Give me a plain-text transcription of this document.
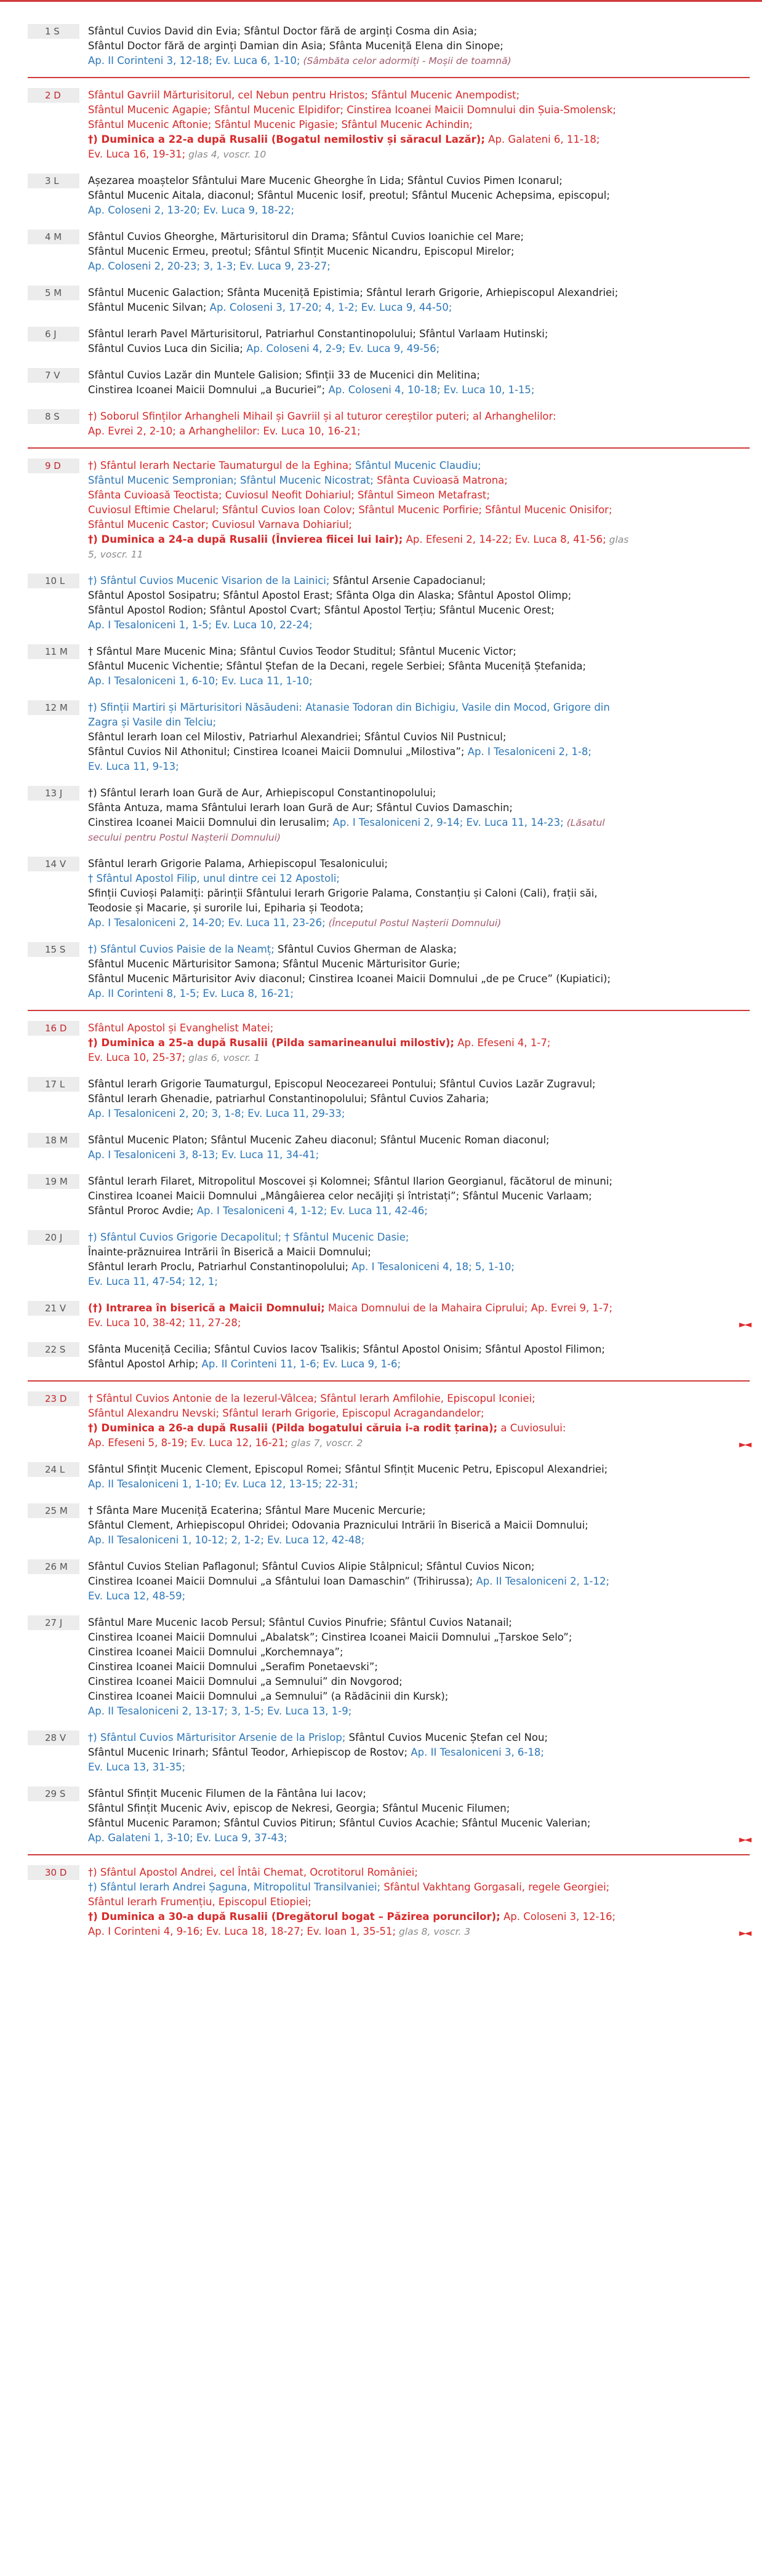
1 S	Sfântul Cuvios David din Evia; Sfântul Doctor fără de arginți Cosma din Asia;
Sfântul Doctor fără de arginți Damian din Asia; Sfânta Muceniță Elena din Sinope;
Ap. II Corinteni 3, 12-18; Ev. Luca 6, 1-10; (Sâmbăta celor adormiți - Moșii de toamnă)
2 D	Sfântul Gavriil Mărturisitorul, cel Nebun pentru Hristos; Sfântul Mucenic Anempodist;
Sfântul Mucenic Agapie; Sfântul Mucenic Elpidifor; Cinstirea Icoanei Maicii Domnului din Șuia-Smolensk;
Sfântul Mucenic Aftonie; Sfântul Mucenic Pigasie; Sfântul Mucenic Achindin;
†) Duminica a 22-a după Rusalii (Bogatul nemilostiv și săracul Lazăr); Ap. Galateni 6, 11-18;
Ev. Luca 16, 19-31; glas 4, voscr. 10
3 L	Așezarea moaștelor Sfântului Mare Mucenic Gheorghe în Lida; Sfântul Cuvios Pimen Iconarul;
Sfântul Mucenic Aitala, diaconul; Sfântul Mucenic Iosif, preotul; Sfântul Mucenic Achepsima, episcopul;
Ap. Coloseni 2, 13-20; Ev. Luca 9, 18-22;
4 M	Sfântul Cuvios Gheorghe, Mărturisitorul din Drama; Sfântul Cuvios Ioanichie cel Mare;
Sfântul Mucenic Ermeu, preotul; Sfântul Sfințit Mucenic Nicandru, Episcopul Mirelor;
Ap. Coloseni 2, 20-23; 3, 1-3; Ev. Luca 9, 23-27;
5 M	Sfântul Mucenic Galaction; Sfânta Muceniță Epistimia; Sfântul Ierarh Grigorie, Arhiepiscopul Alexandriei;
Sfântul Mucenic Silvan; Ap. Coloseni 3, 17-20; 4, 1-2; Ev. Luca 9, 44-50;
6 J	Sfântul Ierarh Pavel Mărturisitorul, Patriarhul Constantinopolului; Sfântul Varlaam Hutinski;
Sfântul Cuvios Luca din Sicilia; Ap. Coloseni 4, 2-9; Ev. Luca 9, 49-56;
7 V	Sfântul Cuvios Lazăr din Muntele Galision; Sfinții 33 de Mucenici din Melitina;
Cinstirea Icoanei Maicii Domnului „a Bucuriei”; Ap. Coloseni 4, 10-18; Ev. Luca 10, 1-15;
8 S	†) Soborul Sfinților Arhangheli Mihail și Gavriil și al tuturor cereștilor puteri; al Arhanghelilor:
Ap. Evrei 2, 2-10; a Arhanghelilor: Ev. Luca 10, 16-21;
9 D	†) Sfântul Ierarh Nectarie Taumaturgul de la Eghina; Sfântul Mucenic Claudiu;
Sfântul Mucenic Semproniаn; Sfântul Mucenic Nicostrat; Sfânta Cuvioasă Matrona;
Sfânta Cuvioasă Teoctista; Cuviosul Neofit Dohiariul; Sfântul Simeon Metafrast;
Cuviosul Eftimie Chelarul; Sfântul Cuvios Ioan Colov; Sfântul Mucenic Porfirie; Sfântul Mucenic Onisifor;
Sfântul Mucenic Castor; Cuviosul Varnava Dohiariul;
†) Duminica a 24-a după Rusalii (Învierea fiicei lui Iair); Ap. Efeseni 2, 14-22; Ev. Luca 8, 41-56; glas
5, voscr. 11
10 L	†) Sfântul Cuvios Mucenic Visarion de la Lainici; Sfântul Arsenie Capadocianul;
Sfântul Apostol Sosipatru; Sfântul Apostol Erast; Sfânta Olga din Alaska; Sfântul Apostol Olimp;
Sfântul Apostol Rodion; Sfântul Apostol Cvart; Sfântul Apostol Terțiu; Sfântul Mucenic Orest;
Ap. I Tesaloniceni 1, 1-5; Ev. Luca 10, 22-24;
11 M	† Sfântul Mare Mucenic Mina; Sfântul Cuvios Teodor Studitul; Sfântul Mucenic Victor;
Sfântul Mucenic Vichentie; Sfântul Ștefan de la Decani, regele Serbiei; Sfânta Muceniță Ștefanida;
Ap. I Tesaloniceni 1, 6-10; Ev. Luca 11, 1-10;
12 M	†) Sfinții Martiri și Mărturisitori Năsăudeni: Atanasie Todoran din Bichigiu, Vasile din Mocod, Grigore din
Zagra și Vasile din Telciu;
Sfântul Ierarh Ioan cel Milostiv, Patriarhul Alexandriei; Sfântul Cuvios Nil Pustnicul;
Sfântul Cuvios Nil Athonitul; Cinstirea Icoanei Maicii Domnului „Milostiva”; Ap. I Tesaloniceni 2, 1-8;
Ev. Luca 11, 9-13;
13 J	†) Sfântul Ierarh Ioan Gură de Aur, Arhiepiscopul Constantinopolului;
Sfânta Antuza, mama Sfântului Ierarh Ioan Gură de Aur; Sfântul Cuvios Damaschin;
Cinstirea Icoanei Maicii Domnului din Ierusalim; Ap. I Tesaloniceni 2, 9-14; Ev. Luca 11, 14-23; (Lăsatul
secului pentru Postul Nașterii Domnului)
14 V	Sfântul Ierarh Grigorie Palama, Arhiepiscopul Tesalonicului;
† Sfântul Apostol Filip, unul dintre cei 12 Apostoli;
Sfinții Cuvioși Palamiți: părinții Sfântului Ierarh Grigorie Palama, Constanțiu și Caloni (Cali), frații săi,
Teodosie și Macarie, și surorile lui, Epiharia și Teodota;
Ap. I Tesaloniceni 2, 14-20; Ev. Luca 11, 23-26; (Începutul Postul Nașterii Domnului)
15 S	†) Sfântul Cuvios Paisie de la Neamț; Sfântul Cuvios Gherman de Alaska;
Sfântul Mucenic Mărturisitor Samona; Sfântul Mucenic Mărturisitor Gurie;
Sfântul Mucenic Mărturisitor Aviv diaconul; Cinstirea Icoanei Maicii Domnului „de pe Cruce” (Kupiatici);
Ap. II Corinteni 8, 1-5; Ev. Luca 8, 16-21;
16 D	Sfântul Apostol și Evanghelist Matei;
†) Duminica a 25-a după Rusalii (Pilda samarineanului milostiv); Ap. Efeseni 4, 1-7;
Ev. Luca 10, 25-37; glas 6, voscr. 1
17 L	Sfântul Ierarh Grigorie Taumaturgul, Episcopul Neocezareei Pontului; Sfântul Cuvios Lazăr Zugravul;
Sfântul Ierarh Ghenadie, patriarhul Constantinopolului; Sfântul Cuvios Zaharia;
Ap. I Tesaloniceni 2, 20; 3, 1-8; Ev. Luca 11, 29-33;
18 M	Sfântul Mucenic Platon; Sfântul Mucenic Zaheu diaconul; Sfântul Mucenic Roman diaconul;
Ap. I Tesaloniceni 3, 8-13; Ev. Luca 11, 34-41;
19 M	Sfântul Ierarh Filaret, Mitropolitul Moscovei și Kolomnei; Sfântul Ilarion Georgianul, făcătorul de minuni;
Cinstirea Icoanei Maicii Domnului „Mângâierea celor necăjiți și întristați”; Sfântul Mucenic Varlaam;
Sfântul Proroc Avdie; Ap. I Tesaloniceni 4, 1-12; Ev. Luca 11, 42-46;
20 J	†) Sfântul Cuvios Grigorie Decapolitul; † Sfântul Mucenic Dasie;
Înainte-prăznuirea Intrării în Biserică a Maicii Domnului;
Sfântul Ierarh Proclu, Patriarhul Constantinopolului; Ap. I Tesaloniceni 4, 18; 5, 1-10;
Ev. Luca 11, 47-54; 12, 1;
21 V	(†) Intrarea în biserică a Maicii Domnului; Maica Domnului de la Mahaira Ciprului; Ap. Evrei 9, 1-7;
Ev. Luca 10, 38-42; 11, 27-28;	►◄
22 S	Sfânta Muceniță Cecilia; Sfântul Cuvios Iacov Tsalikis; Sfântul Apostol Onisim; Sfântul Apostol Filimon;
Sfântul Apostol Arhip; Ap. II Corinteni 11, 1-6; Ev. Luca 9, 1-6;
23 D	† Sfântul Cuvios Antonie de la Iezerul-Vâlcea; Sfântul Ierarh Amfilohie, Episcopul Iconiei;
Sfântul Alexandru Nevski; Sfântul Ierarh Grigorie, Episcopul Acragandandelor;
†) Duminica a 26-a după Rusalii (Pilda bogatului căruia i-a rodit țarina); a Cuviosului:
Ap. Efeseni 5, 8-19; Ev. Luca 12, 16-21; glas 7, voscr. 2	►◄
24 L	Sfântul Sfințit Mucenic Clement, Episcopul Romei; Sfântul Sfințit Mucenic Petru, Episcopul Alexandriei;
Ap. II Tesaloniceni 1, 1-10; Ev. Luca 12, 13-15; 22-31;
25 M	† Sfânta Mare Muceniță Ecaterina; Sfântul Mare Mucenic Mercurie;
Sfântul Clement, Arhiepiscopul Ohridei; Odovania Praznicului Intrării în Biserică a Maicii Domnului;
Ap. II Tesaloniceni 1, 10-12; 2, 1-2; Ev. Luca 12, 42-48;
26 M	Sfântul Cuvios Stelian Paflagonul; Sfântul Cuvios Alipie Stâlpnicul; Sfântul Cuvios Nicon;
Cinstirea Icoanei Maicii Domnului „a Sfântului Ioan Damaschin” (Trihirussa); Ap. II Tesaloniceni 2, 1-12;
Ev. Luca 12, 48-59;
27 J	Sfântul Mare Mucenic Iacob Persul; Sfântul Cuvios Pinufrie; Sfântul Cuvios Natanail;
Cinstirea Icoanei Maicii Domnului „Abalatsk”; Cinstirea Icoanei Maicii Domnului „Țarskoe Selo”;
Cinstirea Icoanei Maicii Domnului „Korchemnaya”;
Cinstirea Icoanei Maicii Domnului „Serafim Ponetaevski”;
Cinstirea Icoanei Maicii Domnului „a Semnului” din Novgorod;
Cinstirea Icoanei Maicii Domnului „a Semnului” (a Rădăcinii din Kursk);
Ap. II Tesaloniceni 2, 13-17; 3, 1-5; Ev. Luca 13, 1-9;
28 V	†) Sfântul Cuvios Mărturisitor Arsenie de la Prislop; Sfântul Cuvios Mucenic Ștefan cel Nou;
Sfântul Mucenic Irinarh; Sfântul Teodor, Arhiepiscop de Rostov; Ap. II Tesaloniceni 3, 6-18;
Ev. Luca 13, 31-35;
29 S	Sfântul Sfințit Mucenic Filumen de la Fântâna lui Iacov;
Sfântul Sfințit Mucenic Aviv, episcop de Nekresi, Georgia; Sfântul Mucenic Filumen;
Sfântul Mucenic Paramon; Sfântul Cuvios Pitirun; Sfântul Cuvios Acachie; Sfântul Mucenic Valerian;
Ap. Galateni 1, 3-10; Ev. Luca 9, 37-43;	►◄
30 D	†) Sfântul Apostol Andrei, cel Întâi Chemat, Ocrotitorul României;
†) Sfântul Ierarh Andrei Șaguna, Mitropolitul Transilvaniei; Sfântul Vakhtang Gorgasali, regele Georgiei;
Sfântul Ierarh Frumențiu, Episcopul Etiopiei;
†) Duminica a 30-a după Rusalii (Dregătorul bogat – Păzirea poruncilor); Ap. Coloseni 3, 12-16;
Ap. I Corinteni 4, 9-16; Ev. Luca 18, 18-27; Ev. Ioan 1, 35-51; glas 8, voscr. 3	►◄
